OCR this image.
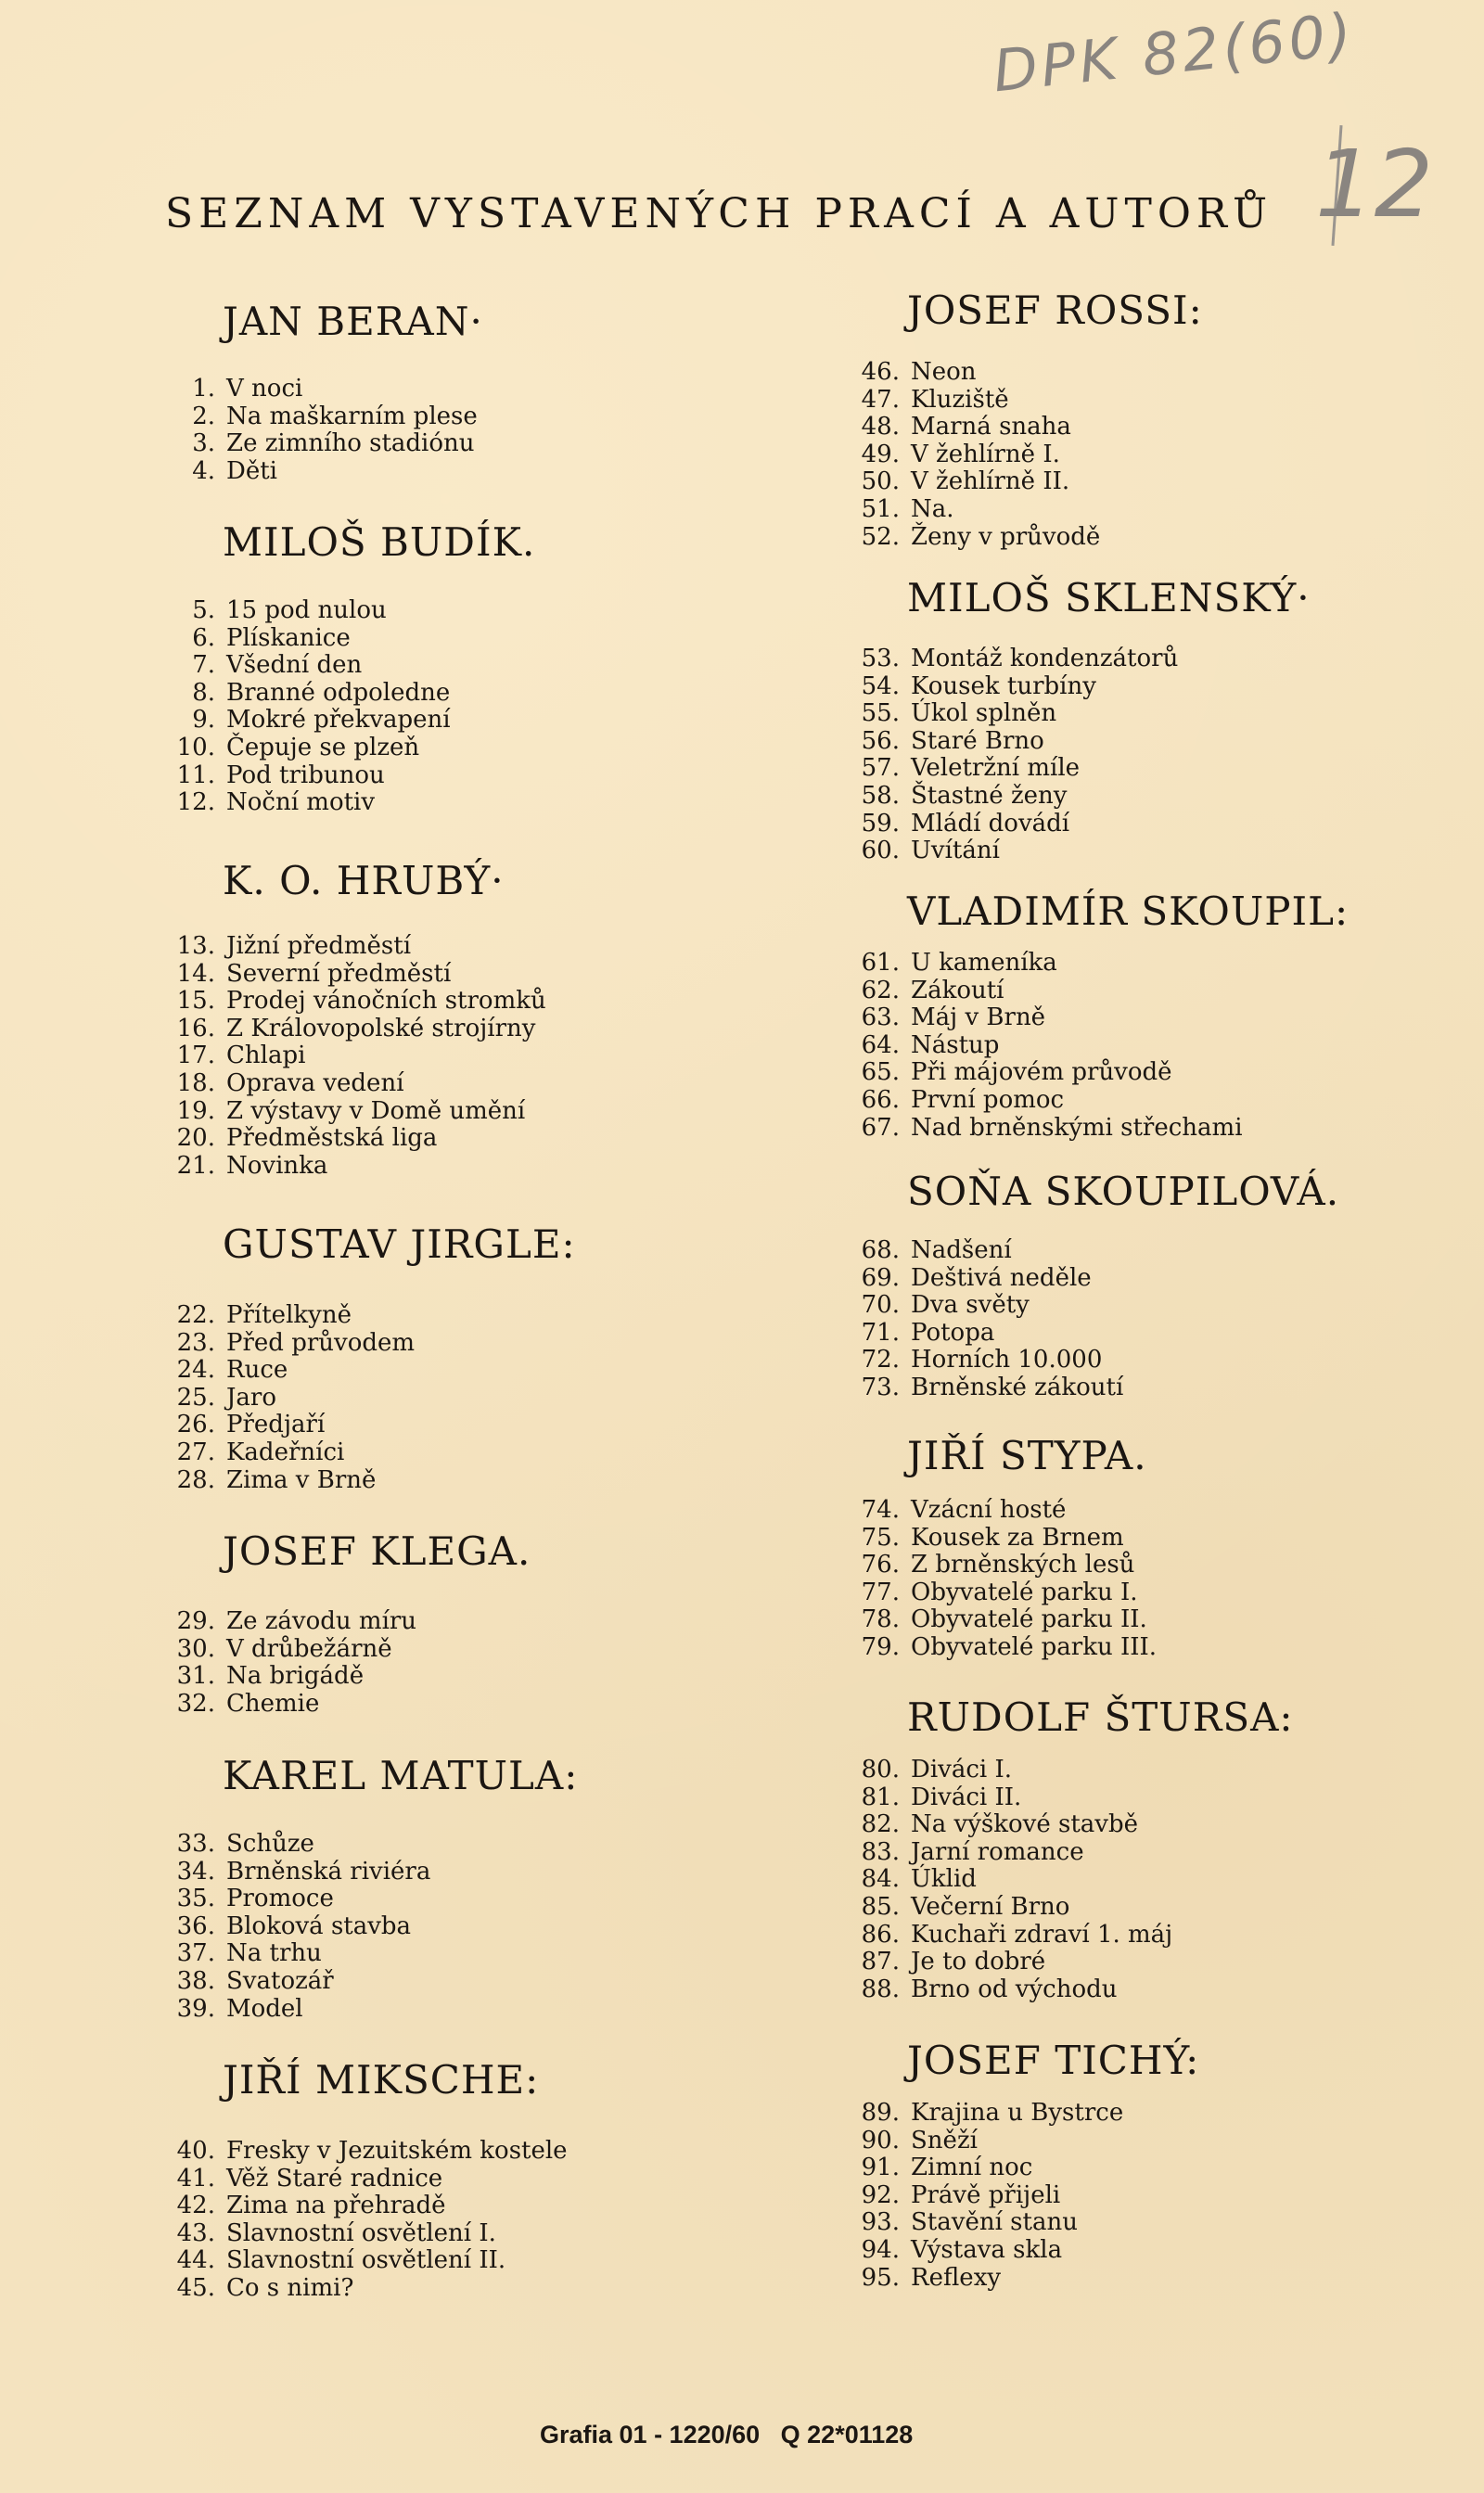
DPK 82(60)
12
SEZNAM VYSTAVENÝCH PRACÍ A AUTORŮ
JAN BERAN·
1. V noci
2. Na maškarním plese
3. Ze zimního stadiónu
4. Děti
MILOŠ BUDÍK.
5. 15 pod nulou
6. Plískanice
7. Všední den
8. Branné odpoledne
9. Mokré překvapení
10. Čepuje se plzeň
11. Pod tribunou
12. Noční motiv
K. O. HRUBÝ·
13. Jižní předměstí
14. Severní předměstí
15. Prodej vánočních stromků
16. Z Královopolské strojírny
17. Chlapi
18. Oprava vedení
19. Z výstavy v Domě umění
20. Předměstská liga
21. Novinka
GUSTAV JIRGLE:
22. Přítelkyně
23. Před průvodem
24. Ruce
25. Jaro
26. Předjaří
27. Kadeřníci
28. Zima v Brně
JOSEF KLEGA.
29. Ze závodu míru
30. V drůbežárně
31. Na brigádě
32. Chemie
KAREL MATULA:
33. Schůze
34. Brněnská riviéra
35. Promoce
36. Bloková stavba
37. Na trhu
38. Svatozář
39. Model
JIŘÍ MIKSCHE:
40. Fresky v Jezuitském kostele
41. Věž Staré radnice
42. Zima na přehradě
43. Slavnostní osvětlení I.
44. Slavnostní osvětlení II.
45. Co s nimi?
JOSEF ROSSI:
46. Neon
47. Kluziště
48. Marná snaha
49. V žehlírně I.
50. V žehlírně II.
51. Na.
52. Ženy v průvodě
MILOŠ SKLENSKÝ·
53. Montáž kondenzátorů
54. Kousek turbíny
55. Úkol splněn
56. Staré Brno
57. Veletržní míle
58. Štastné ženy
59. Mládí dovádí
60. Uvítání
VLADIMÍR SKOUPIL:
61. U kameníka
62. Zákoutí
63. Máj v Brně
64. Nástup
65. Při májovém průvodě
66. První pomoc
67. Nad brněnskými střechami
SOŇA SKOUPILOVÁ.
68. Nadšení
69. Deštivá neděle
70. Dva světy
71. Potopa
72. Horních 10.000
73. Brněnské zákoutí
JIŘÍ STYPA.
74. Vzácní hosté
75. Kousek za Brnem
76. Z brněnských lesů
77. Obyvatelé parku I.
78. Obyvatelé parku II.
79. Obyvatelé parku III.
RUDOLF ŠTURSA:
80. Diváci I.
81. Diváci II.
82. Na výškové stavbě
83. Jarní romance
84. Úklid
85. Večerní Brno
86. Kuchaři zdraví 1. máj
87. Je to dobré
88. Brno od východu
JOSEF TICHÝ:
89. Krajina u Bystrce
90. Sněží
91. Zimní noc
92. Právě přijeli
93. Stavění stanu
94. Výstava skla
95. Reflexy
Grafia 01 - 1220/60   Q 22*01128
